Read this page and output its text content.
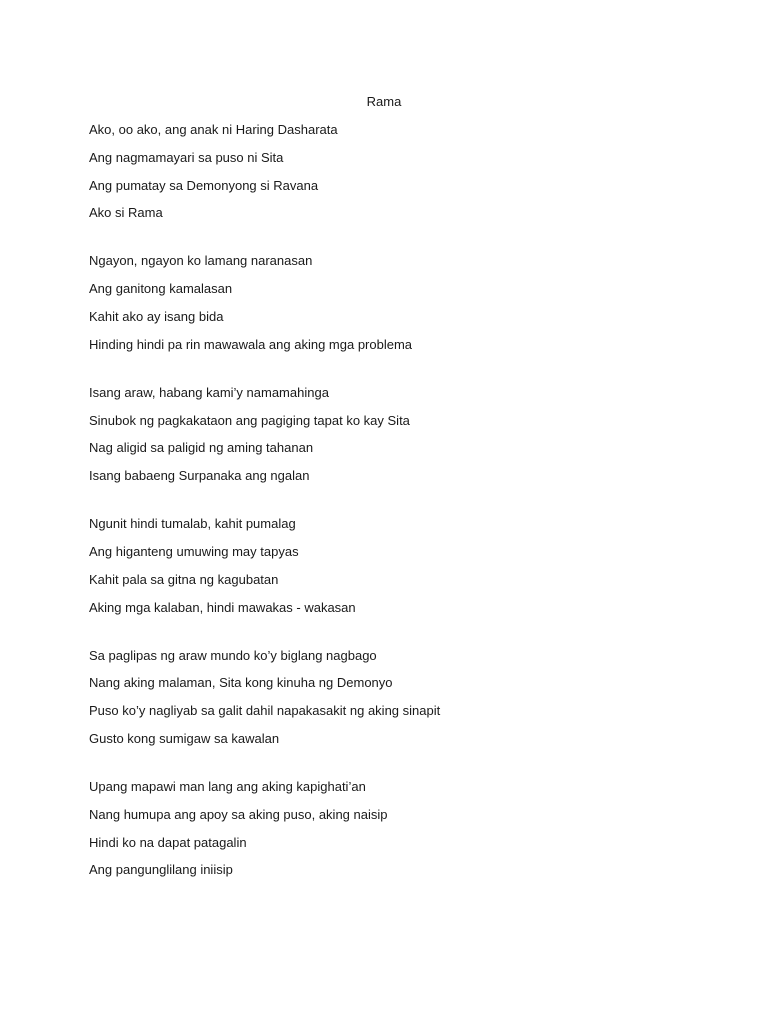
Rama
Ako, oo ako, ang anak ni Haring Dasharata
Ang nagmamayari sa puso ni Sita
Ang pumatay sa Demonyong si Ravana
Ako si Rama
Ngayon, ngayon ko lamang naranasan
Ang ganitong kamalasan
Kahit ako ay isang bida
Hinding hindi pa rin mawawala ang aking mga problema
Isang araw, habang kami’y namamahinga
Sinubok ng pagkakataon ang pagiging tapat ko kay Sita
Nag aligid sa paligid ng aming tahanan
Isang babaeng Surpanaka ang ngalan
Ngunit hindi tumalab, kahit pumalag
Ang higanteng umuwing may tapyas
Kahit pala sa gitna ng kagubatan
Aking mga kalaban, hindi mawakas - wakasan
Sa paglipas ng araw mundo ko’y biglang nagbago
Nang aking malaman, Sita kong kinuha ng Demonyo
Puso ko’y nagliyab sa galit dahil napakasakit ng aking sinapit
Gusto kong sumigaw sa kawalan
Upang mapawi man lang ang aking kapighati’an
Nang humupa ang apoy sa aking puso, aking naisip
Hindi ko na dapat patagalin
Ang pangunglilang iniisip
